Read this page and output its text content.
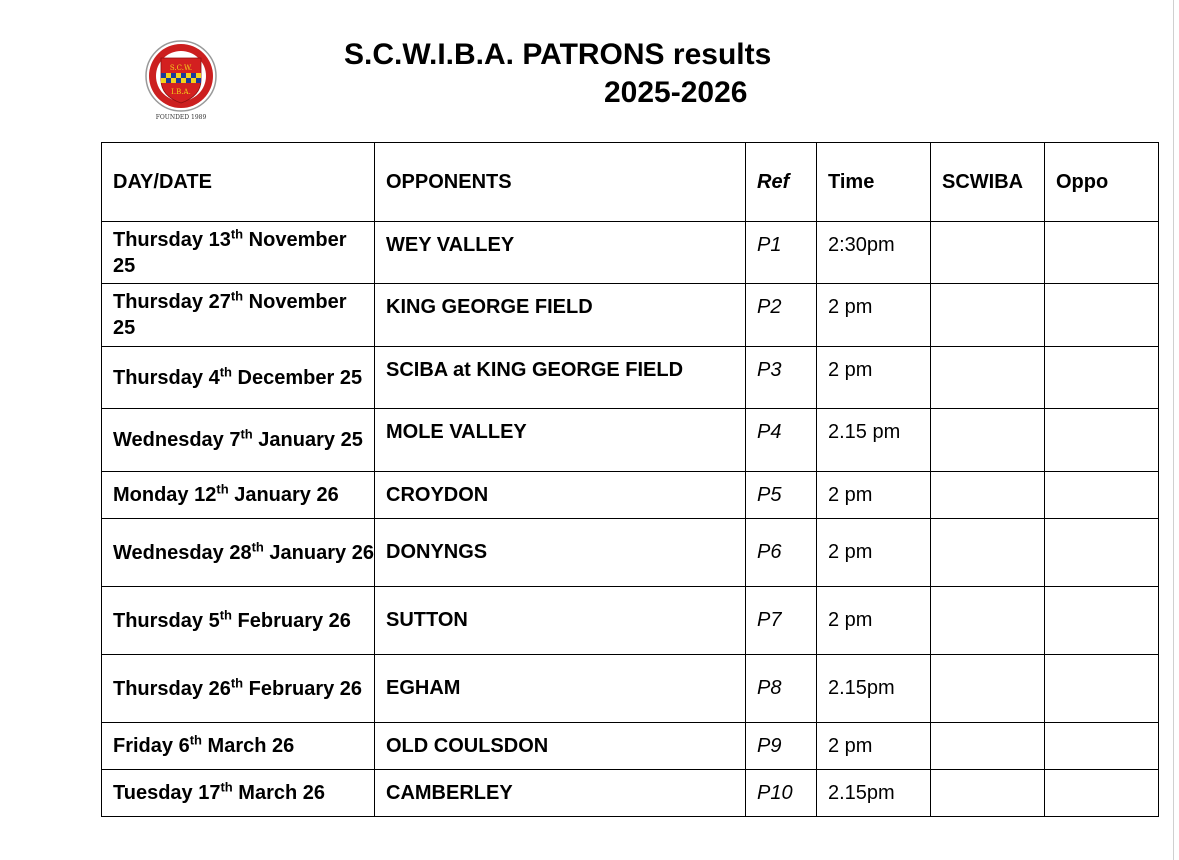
S.C.W.
I.B.A.
FOUNDED 1989
S.C.W.I.B.A. PATRONS results
2025-2026
DAY/DATE	OPPONENTS	Ref	Time	SCWIBA	Oppo
Thursday 13th November 25	WEY VALLEY	P1	2:30pm		
Thursday 27th November 25	KING GEORGE FIELD	P2	2 pm		
Thursday 4th December 25	SCIBA at KING GEORGE FIELD	P3	2 pm		
Wednesday 7th January 25	MOLE VALLEY	P4	2.15 pm		
Monday 12th January 26	CROYDON	P5	2 pm		
Wednesday 28th January 26	DONYNGS	P6	2 pm		
Thursday 5th February 26	SUTTON	P7	2 pm		
Thursday 26th February 26	EGHAM	P8	2.15pm		
Friday 6th March 26	OLD COULSDON	P9	2 pm		
Tuesday 17th March 26	CAMBERLEY	P10	2.15pm		
